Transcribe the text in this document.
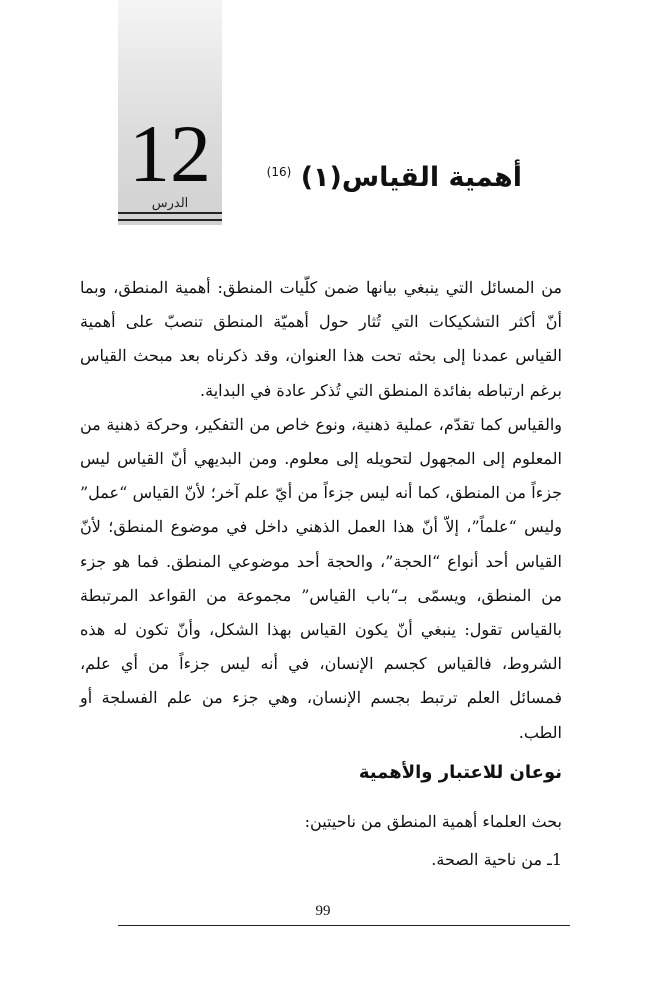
12
الدرس
أهمية القياس(١) $^{(16)}$

من المسائل التي ينبغي بيانها ضمن كلّيات المنطق: أهمية المنطق، وبما أنّ أكثر التشكيكات التي تُثار حول أهميّة المنطق تنصبّ على أهمية القياس عمدنا إلى بحثه تحت هذا العنوان، وقد ذكرناه بعد مبحث القياس برغم ارتباطه بفائدة المنطق التي تُذكر عادة في البداية.

والقياس كما تقدّم، عملية ذهنية، ونوع خاص من التفكير، وحركة ذهنية من المعلوم إلى المجهول لتحويله إلى معلوم. ومن البديهي أنّ القياس ليس جزءاً من المنطق، كما أنه ليس جزءاً من أيّ علم آخر؛ لأنّ القياس “عمل” وليس “علماً”، إلاّ أنّ هذا العمل الذهني داخل في موضوع المنطق؛ لأنّ القياس أحد أنواع “الحجة”، والحجة أحد موضوعي المنطق. فما هو جزء من المنطق، ويسمّى بـ“باب القياس” مجموعة من القواعد المرتبطة بالقياس تقول: ينبغي أنّ يكون القياس بهذا الشكل، وأنّ تكون له هذه الشروط، فالقياس كجسم الإنسان، في أنه ليس جزءاً من أي علم، فمسائل العلم ترتبط بجسم الإنسان، وهي جزء من علم الفسلجة أو الطب.

نوعان للاعتبار والأهمية
بحث العلماء أهمية المنطق من ناحيتين:
1ـ من ناحية الصحة.
99
